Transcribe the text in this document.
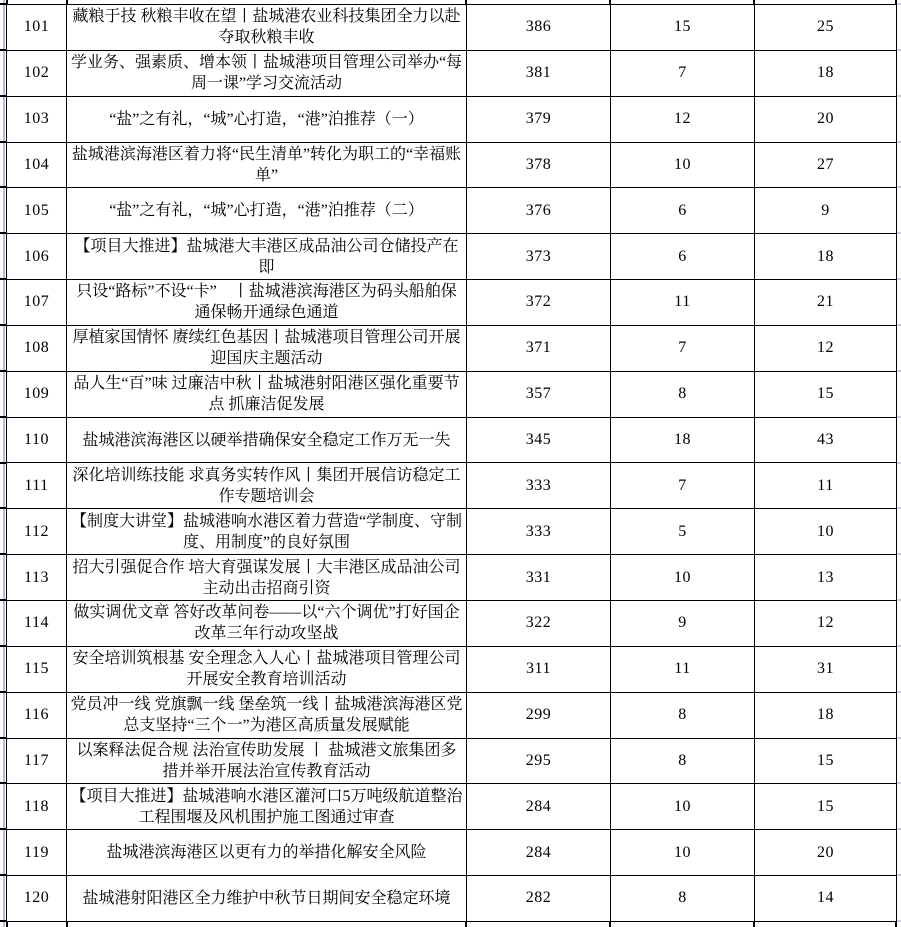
101	藏粮于技 秋粮丰收在望丨盐城港农业科技集团全力以赴夺取秋粮丰收	386	15	25
102	学业务、强素质、增本领丨盐城港项目管理公司举办“每周一课”学习交流活动	381	7	18
103	“盐”之有礼，“城”心打造，“港”泊推荐（一）	379	12	20
104	盐城港滨海港区着力将“民生清单”转化为职工的“幸福账单”	378	10	27
105	“盐”之有礼，“城”心打造，“港”泊推荐（二）	376	6	9
106	【项目大推进】盐城港大丰港区成品油公司仓储投产在即	373	6	18
107	只设“路标”不设“卡”　丨盐城港滨海港区为码头船舶保通保畅开通绿色通道	372	11	21
108	厚植家国情怀 赓续红色基因丨盐城港项目管理公司开展迎国庆主题活动	371	7	12
109	品人生“百”味 过廉洁中秋丨盐城港射阳港区强化重要节点 抓廉洁促发展	357	8	15
110	盐城港滨海港区以硬举措确保安全稳定工作万无一失	345	18	43
111	深化培训练技能 求真务实转作风丨集团开展信访稳定工作专题培训会	333	7	11
112	【制度大讲堂】盐城港响水港区着力营造“学制度、守制度、用制度”的良好氛围	333	5	10
113	招大引强促合作 培大育强谋发展丨大丰港区成品油公司主动出击招商引资	331	10	13
114	做实调优文章 答好改革问卷——以“六个调优”打好国企改革三年行动攻坚战	322	9	12
115	安全培训筑根基 安全理念入人心丨盐城港项目管理公司开展安全教育培训活动	311	11	31
116	党员冲一线 党旗飘一线 堡垒筑一线丨盐城港滨海港区党总支坚持“三个一”为港区高质量发展赋能	299	8	18
117	以案释法促合规 法治宣传助发展 丨 盐城港文旅集团多措并举开展法治宣传教育活动	295	8	15
118	【项目大推进】盐城港响水港区灌河口5万吨级航道整治工程围堰及风机围护施工图通过审查	284	10	15
119	盐城港滨海港区以更有力的举措化解安全风险	284	10	20
120	盐城港射阳港区全力维护中秋节日期间安全稳定环境	282	8	14
